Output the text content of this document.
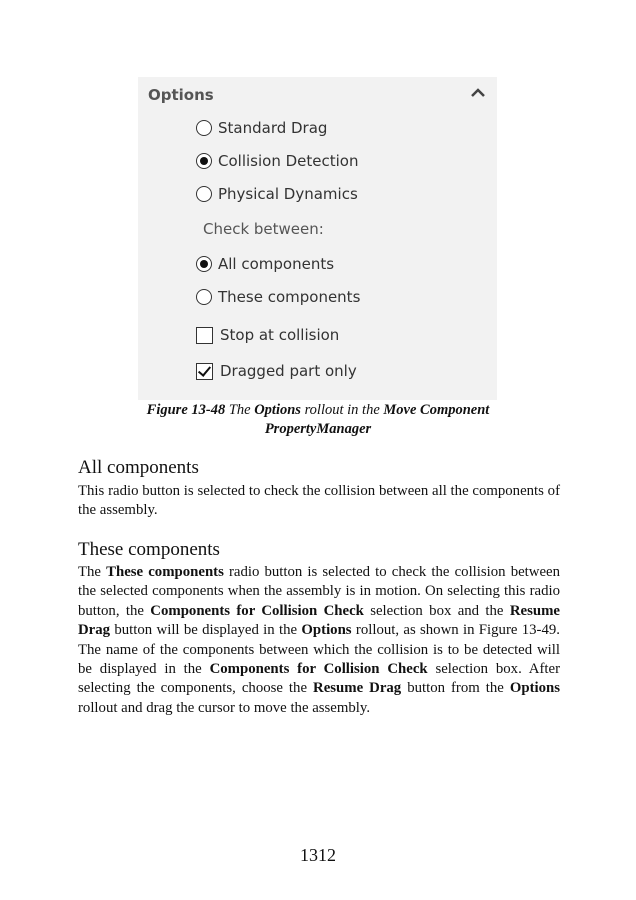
Options
Standard Drag
Collision Detection
Physical Dynamics
Check between:
All components
These components
Stop at collision
Dragged part only
Figure 13-48 The Options rollout in the Move Component
PropertyManager
All components
This radio button is selected to check the collision between all the components of the assembly.
These components
The These components radio button is selected to check the collision between the selected components when the assembly is in motion. On selecting this radio button, the Components for Collision Check selection box and the Resume Drag button will be displayed in the Options rollout, as shown in Figure 13-49. The name of the components between which the collision is to be detected will be displayed in the Components for Collision Check selection box. After selecting the components, choose the Resume Drag button from the Options rollout and drag the cursor to move the assembly.
1312
